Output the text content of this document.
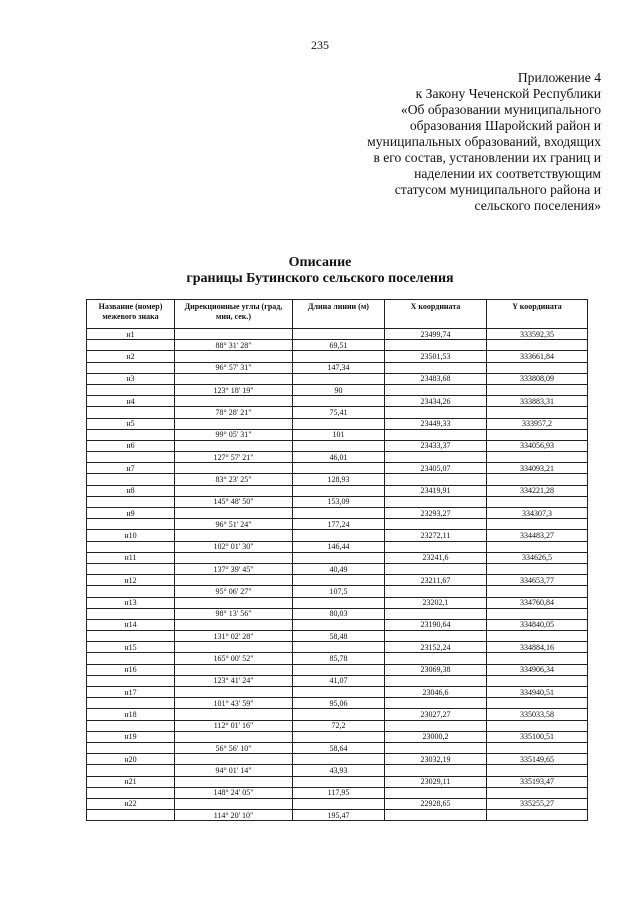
235
Приложение 4
к Закону Чеченской Республики
«Об образовании муниципального
образования Шаройский район и
муниципальных образований, входящих
в его состав, установлении их границ и
наделении их соответствующим
статусом муниципального района и
сельского поселения»
Описание
границы Бутинского сельского поселения
Название (номер) межевого знака	Дирекционные углы (град, мин, сек.)	Длина линии (м)	X координата	Y координата
н1			23499,74	333592,35
	88° 31' 28"	69,51		
н2			23501,53	333661,84
	96° 57' 31"	147,34		
н3			23483,68	333808,09
	123° 18' 19"	90		
н4			23434,26	333883,31
	78° 28' 21"	75,41		
н5			23449,33	333957,2
	99° 05' 31"	101		
н6			23433,37	334056,93
	127° 57' 21"	46,01		
н7			23405,07	334093,21
	83° 23' 25"	128,93		
н8			23419,91	334221,28
	145° 48' 50"	153,09		
н9			23293,27	334307,3
	96° 51' 24"	177,24		
н10			23272,11	334483,27
	102° 01' 30"	146,44		
н11			23241,6	334626,5
	137° 39' 45"	40,49		
н12			23211,67	334653,77
	95° 06' 27"	107,5		
н13			23202,1	334760,84
	98° 13' 56"	80,03		
н14			23190,64	334840,05
	131° 02' 28"	58,48		
н15			23152,24	334884,16
	165° 00' 52"	85,78		
н16			23069,38	334906,34
	123° 41' 24"	41,07		
н17			23046,6	334940,51
	101° 43' 59"	95,06		
н18			23027,27	335033,58
	112° 01' 16"	72,2		
н19			23000,2	335100,51
	56° 56' 10"	58,64		
н20			23032,19	335149,65
	94° 01' 14"	43,93		
н21			23029,11	335193,47
	148° 24' 05"	117,95		
н22			22928,65	335255,27
	114° 20' 10"	195,47		
